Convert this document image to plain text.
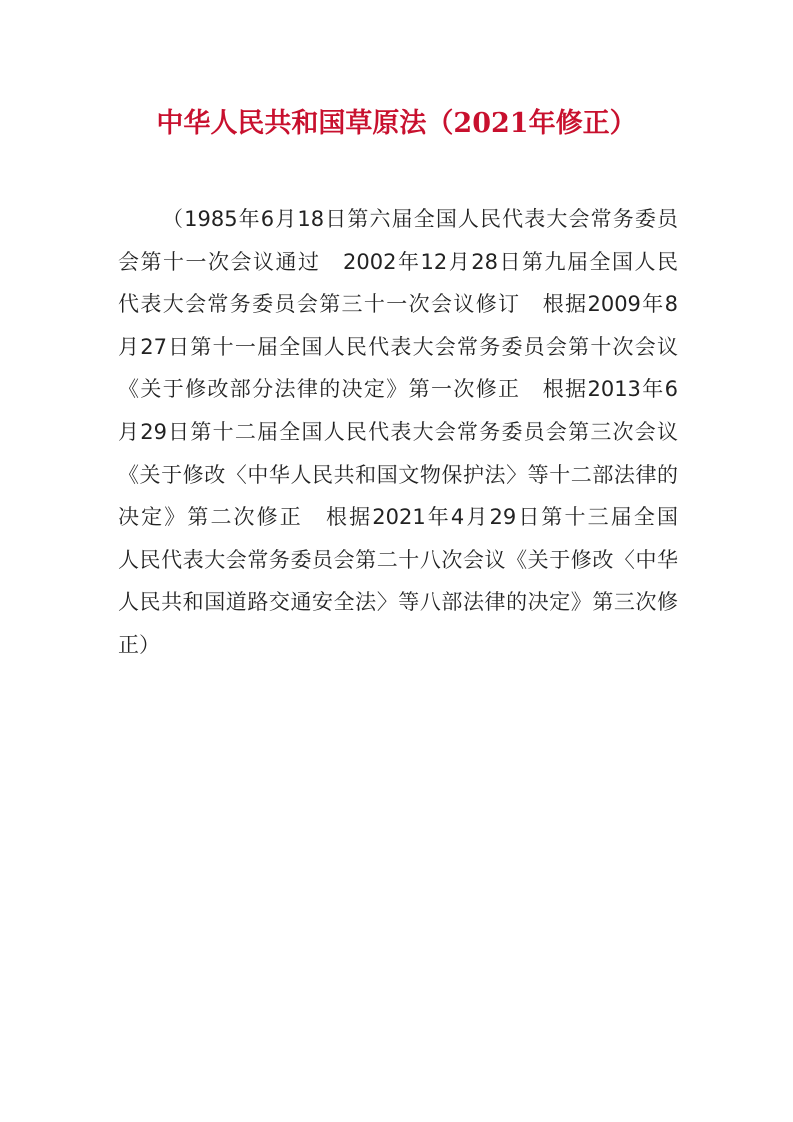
中华人民共和国草原法（2021年修正）
（1985年6月18日第六届全国人民代表大会常务委员
会第十一次会议通过　2002年12月28日第九届全国人民
代表大会常务委员会第三十一次会议修订　根据2009年8
月27日第十一届全国人民代表大会常务委员会第十次会议
《关于修改部分法律的决定》第一次修正　根据2013年6
月29日第十二届全国人民代表大会常务委员会第三次会议
《关于修改〈中华人民共和国文物保护法〉等十二部法律的
决定》第二次修正　根据2021年4月29日第十三届全国
人民代表大会常务委员会第二十八次会议《关于修改〈中华
人民共和国道路交通安全法〉等八部法律的决定》第三次修
正）
